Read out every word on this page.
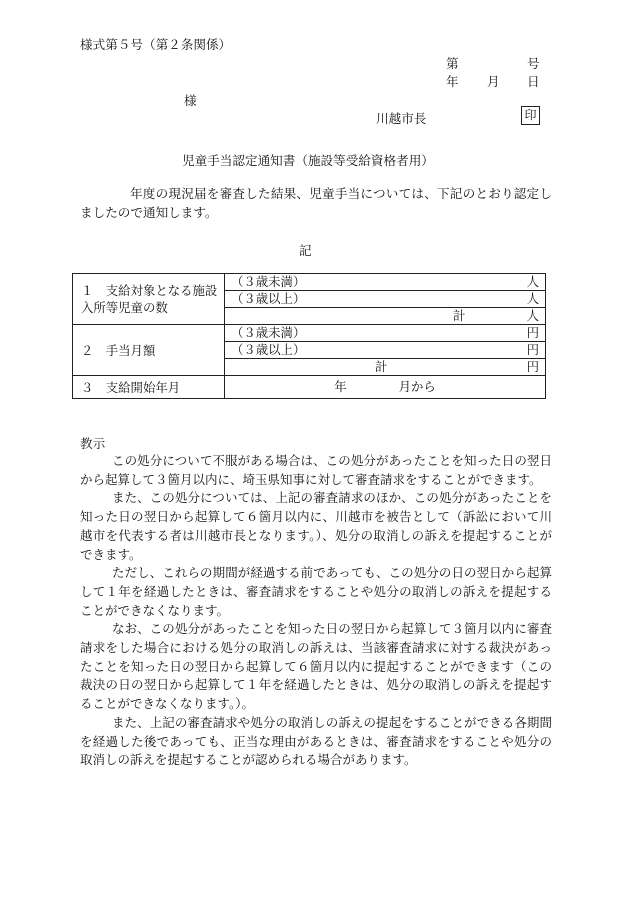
様式第５号（第２条関係）
第	号
年 月 日
様
川越市長	印
児童手当認定通知書（施設等受給資格者用）
年度の現況届を審査した結果、児童手当については、下記のとおり認定しましたので通知します。
記
１　支給対象となる施設入所等児童の数	（３歳未満） 人

	（３歳以上） 人

	計 人

２　手当月額	（３歳未満） 円

	（３歳以上） 円

	計 円

３　支給開始年月	年 月から
教示

この処分について不服がある場合は、この処分があったことを知った日の翌日から起算して３箇月以内に、埼玉県知事に対して審査請求をすることができます。

また、この処分については、上記の審査請求のほか、この処分があったことを知った日の翌日から起算して６箇月以内に、川越市を被告として（訴訟において川越市を代表する者は川越市長となります。）、処分の取消しの訴えを提起することができます。

ただし、これらの期間が経過する前であっても、この処分の日の翌日から起算して１年を経過したときは、審査請求をすることや処分の取消しの訴えを提起することができなくなります。

なお、この処分があったことを知った日の翌日から起算して３箇月以内に審査請求をした場合における処分の取消しの訴えは、当該審査請求に対する裁決があったことを知った日の翌日から起算して６箇月以内に提起することができます（この裁決の日の翌日から起算して１年を経過したときは、処分の取消しの訴えを提起することができなくなります。）。

また、上記の審査請求や処分の取消しの訴えの提起をすることができる各期間を経過した後であっても、正当な理由があるときは、審査請求をすることや処分の取消しの訴えを提起することが認められる場合があります。
